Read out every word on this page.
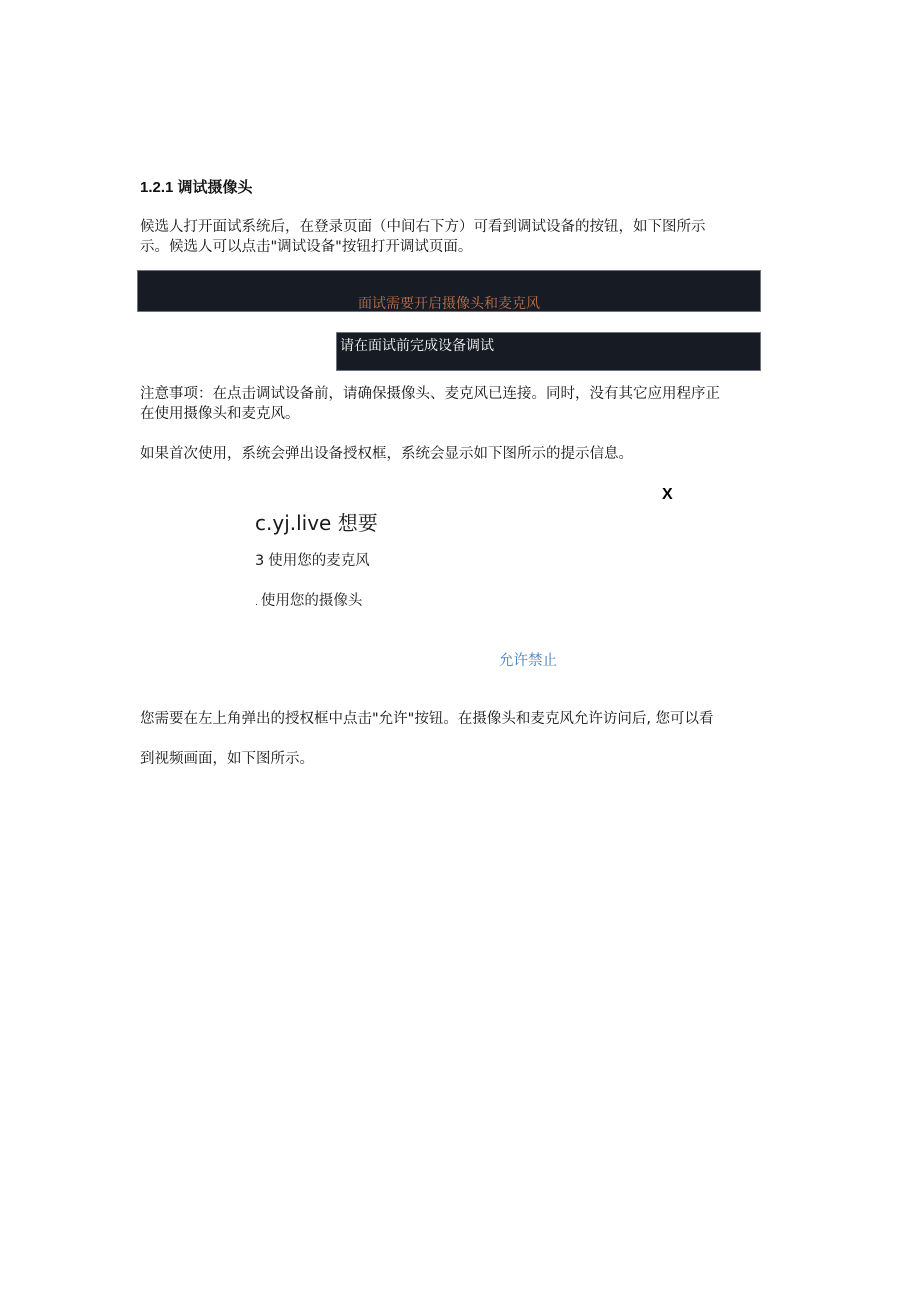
1.2.1 调试摄像头
候选人打开面试系统后，在登录页面（中间右下方）可看到调试设备的按钮，如下图所示
示。候选人可以点击"调试设备"按钮打开调试页面。
面试需要开启摄像头和麦克风
请在面试前完成设备调试
注意事项：在点击调试设备前，请确保摄像头、麦克风已连接。同时，没有其它应用程序正
在使用摄像头和麦克风。
如果首次使用，系统会弹出设备授权框，系统会显示如下图所示的提示信息。
X
c.yj.live 想要
3 使用您的麦克风
. 使用您的摄像头
允许禁止
您需要在左上角弹出的授权框中点击"允许"按钮。在摄像头和麦克风允许访问后, 您可以看
到视频画面，如下图所示。
